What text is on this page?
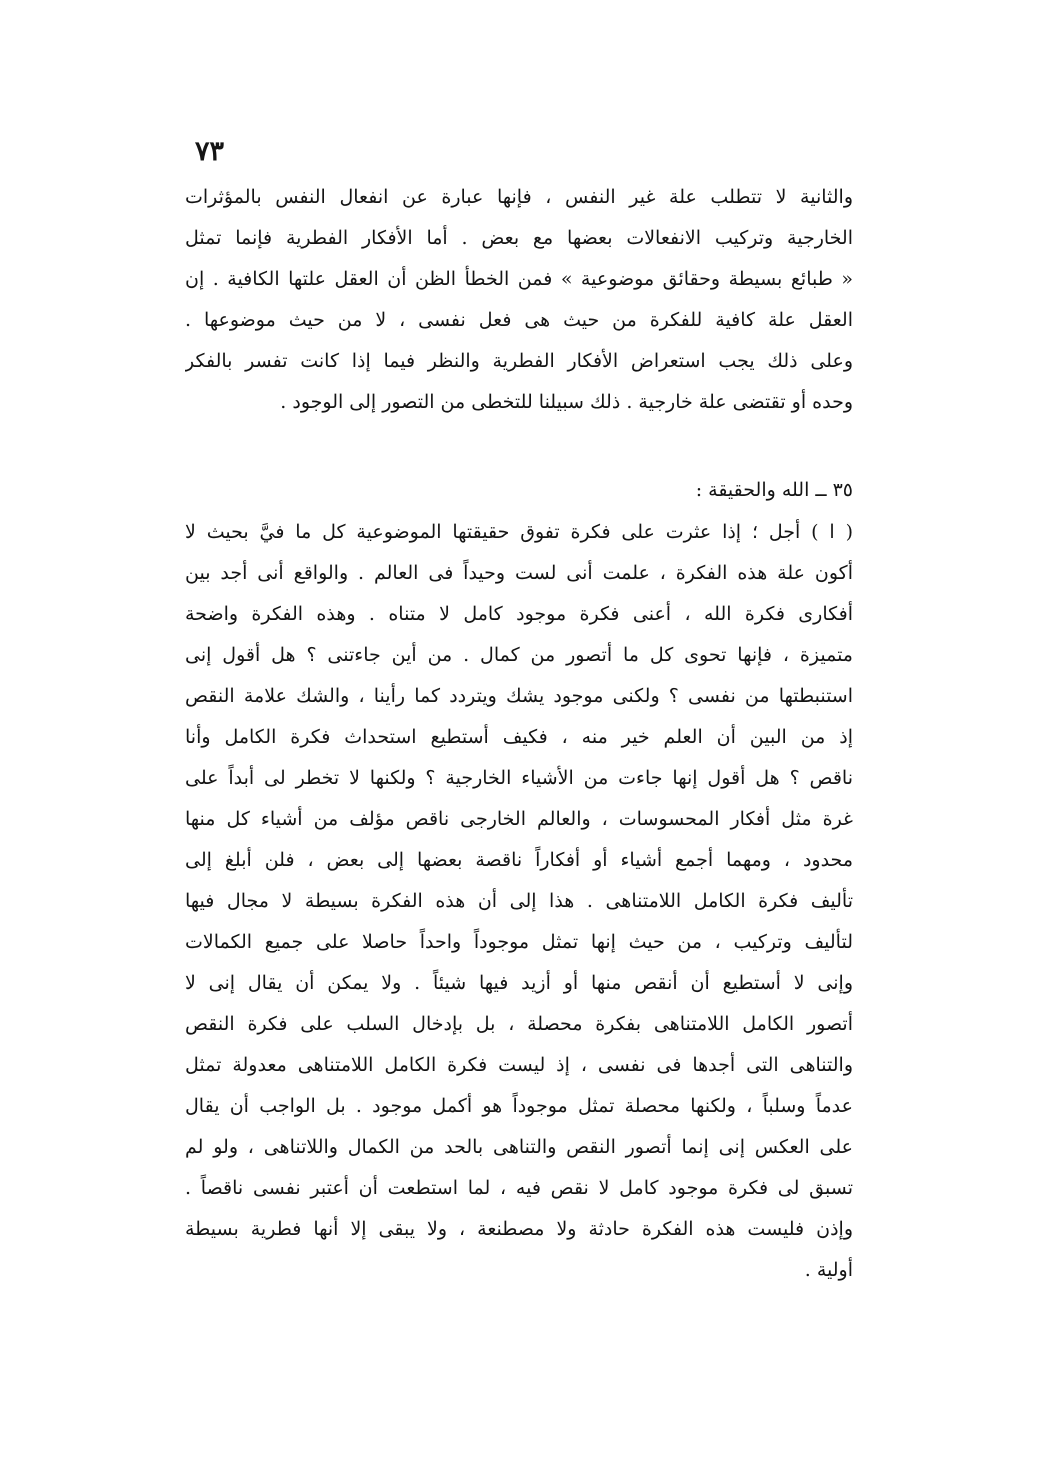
٧٣
والثانية لا تتطلب علة غير النفس ، فإنها عبارة عن انفعال النفس بالمؤثرات
الخارجية وتركيب الانفعالات بعضها مع بعض . أما الأفكار الفطرية فإنما تمثل
« طبائع بسيطة وحقائق موضوعية » فمن الخطأ الظن أن العقل علتها الكافية . إن
العقل علة كافية للفكرة من حيث هى فعل نفسى ، لا من حيث موضوعها .
وعلى ذلك يجب استعراض الأفكار الفطرية والنظر فيما إذا كانت تفسر بالفكر
وحده أو تقتضى علة خارجية . ذلك سبيلنا للتخطى من التصور إلى الوجود .
٣٥ ــ الله والحقيقة :
( ا ) أجل ؛ إذا عثرت على فكرة تفوق حقيقتها الموضوعية كل ما فيَّ بحيث لا
أكون علة هذه الفكرة ، علمت أنى لست وحيداً فى العالم . والواقع أنى أجد بين
أفكارى فكرة الله ، أعنى فكرة موجود كامل لا متناه . وهذه الفكرة واضحة
متميزة ، فإنها تحوى كل ما أتصور من كمال . من أين جاءتنى ؟ هل أقول إنى
استنبطتها من نفسى ؟ ولكنى موجود يشك ويتردد كما رأينا ، والشك علامة النقص
إذ من البين أن العلم خير منه ، فكيف أستطيع استحداث فكرة الكامل وأنا
ناقص ؟ هل أقول إنها جاءت من الأشياء الخارجية ؟ ولكنها لا تخطر لى أبداً على
غرة مثل أفكار المحسوسات ، والعالم الخارجى ناقص مؤلف من أشياء كل منها
محدود ، ومهما أجمع أشياء أو أفكاراً ناقصة بعضها إلى بعض ، فلن أبلغ إلى
تأليف فكرة الكامل اللامتناهى . هذا إلى أن هذه الفكرة بسيطة لا مجال فيها
لتأليف وتركيب ، من حيث إنها تمثل موجوداً واحداً حاصلا على جميع الكمالات
وإنى لا أستطيع أن أنقص منها أو أزيد فيها شيئاً . ولا يمكن أن يقال إنى لا
أتصور الكامل اللامتناهى بفكرة محصلة ، بل بإدخال السلب على فكرة النقص
والتناهى التى أجدها فى نفسى ، إذ ليست فكرة الكامل اللامتناهى معدولة تمثل
عدماً وسلباً ، ولكنها محصلة تمثل موجوداً هو أكمل موجود . بل الواجب أن يقال
على العكس إنى إنما أتصور النقص والتناهى بالحد من الكمال واللاتناهى ، ولو لم
تسبق لى فكرة موجود كامل لا نقص فيه ، لما استطعت أن أعتبر نفسى ناقصاً .
وإذن فليست هذه الفكرة حادثة ولا مصطنعة ، ولا يبقى إلا أنها فطرية بسيطة
أولية .
